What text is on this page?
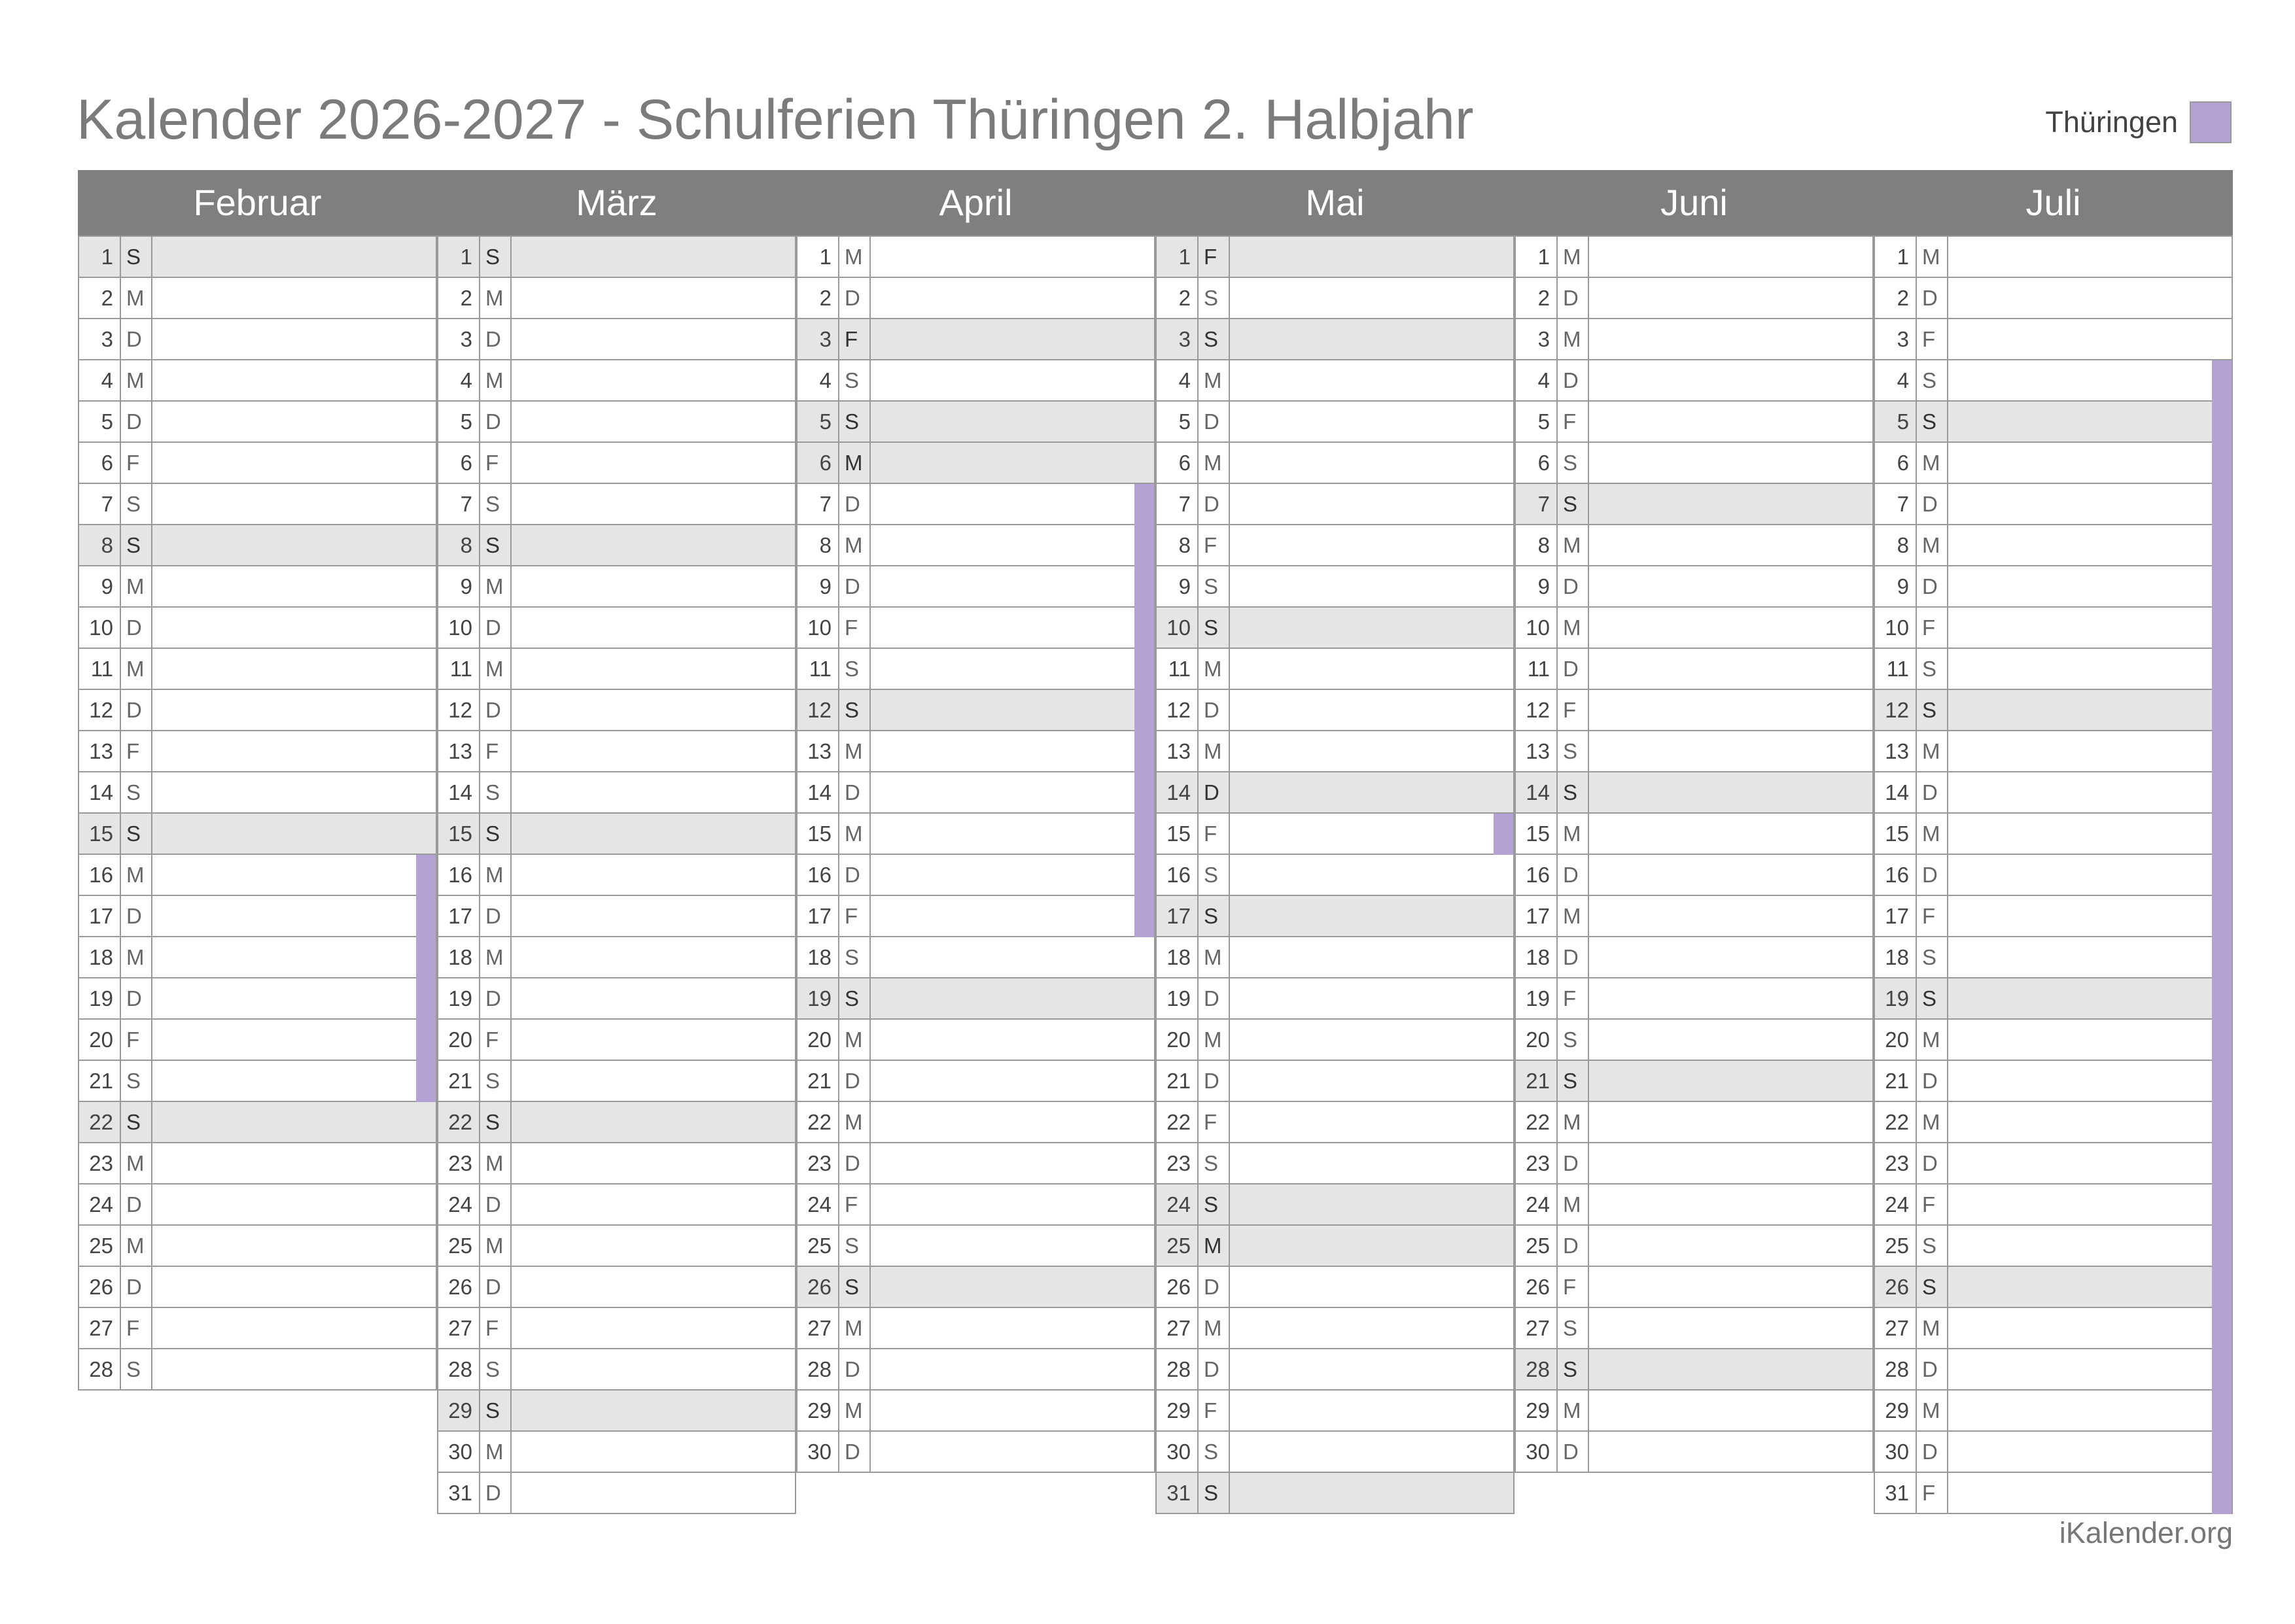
Kalender 2026-2027 - Schulferien Thüringen 2. Halbjahr	Thüringen
Februar
1 S
2 M
3 D
4 M
5 D
6 F
7 S
8 S
9 M
10 D
11 M
12 D
13 F
14 S
15 S
16 M
17 D
18 M
19 D
20 F
21 S
22 S
23 M
24 D
25 M
26 D
27 F
28 S
März
1 S
2 M
3 D
4 M
5 D
6 F
7 S
8 S
9 M
10 D
11 M
12 D
13 F
14 S
15 S
16 M
17 D
18 M
19 D
20 F
21 S
22 S
23 M
24 D
25 M
26 D
27 F
28 S
29 S
30 M
31 D
April
1 M
2 D
3 F
4 S
5 S
6 M
7 D
8 M
9 D
10 F
11 S
12 S
13 M
14 D
15 M
16 D
17 F
18 S
19 S
20 M
21 D
22 M
23 D
24 F
25 S
26 S
27 M
28 D
29 M
30 D
Mai
1 F
2 S
3 S
4 M
5 D
6 M
7 D
8 F
9 S
10 S
11 M
12 D
13 M
14 D
15 F
16 S
17 S
18 M
19 D
20 M
21 D
22 F
23 S
24 S
25 M
26 D
27 M
28 D
29 F
30 S
31 S
Juni
1 M
2 D
3 M
4 D
5 F
6 S
7 S
8 M
9 D
10 M
11 D
12 F
13 S
14 S
15 M
16 D
17 M
18 D
19 F
20 S
21 S
22 M
23 D
24 M
25 D
26 F
27 S
28 S
29 M
30 D
Juli
1 M
2 D
3 F
4 S
5 S
6 M
7 D
8 M
9 D
10 F
11 S
12 S
13 M
14 D
15 M
16 D
17 F
18 S
19 S
20 M
21 D
22 M
23 D
24 F
25 S
26 S
27 M
28 D
29 M
30 D
31 F
iKalender.org
